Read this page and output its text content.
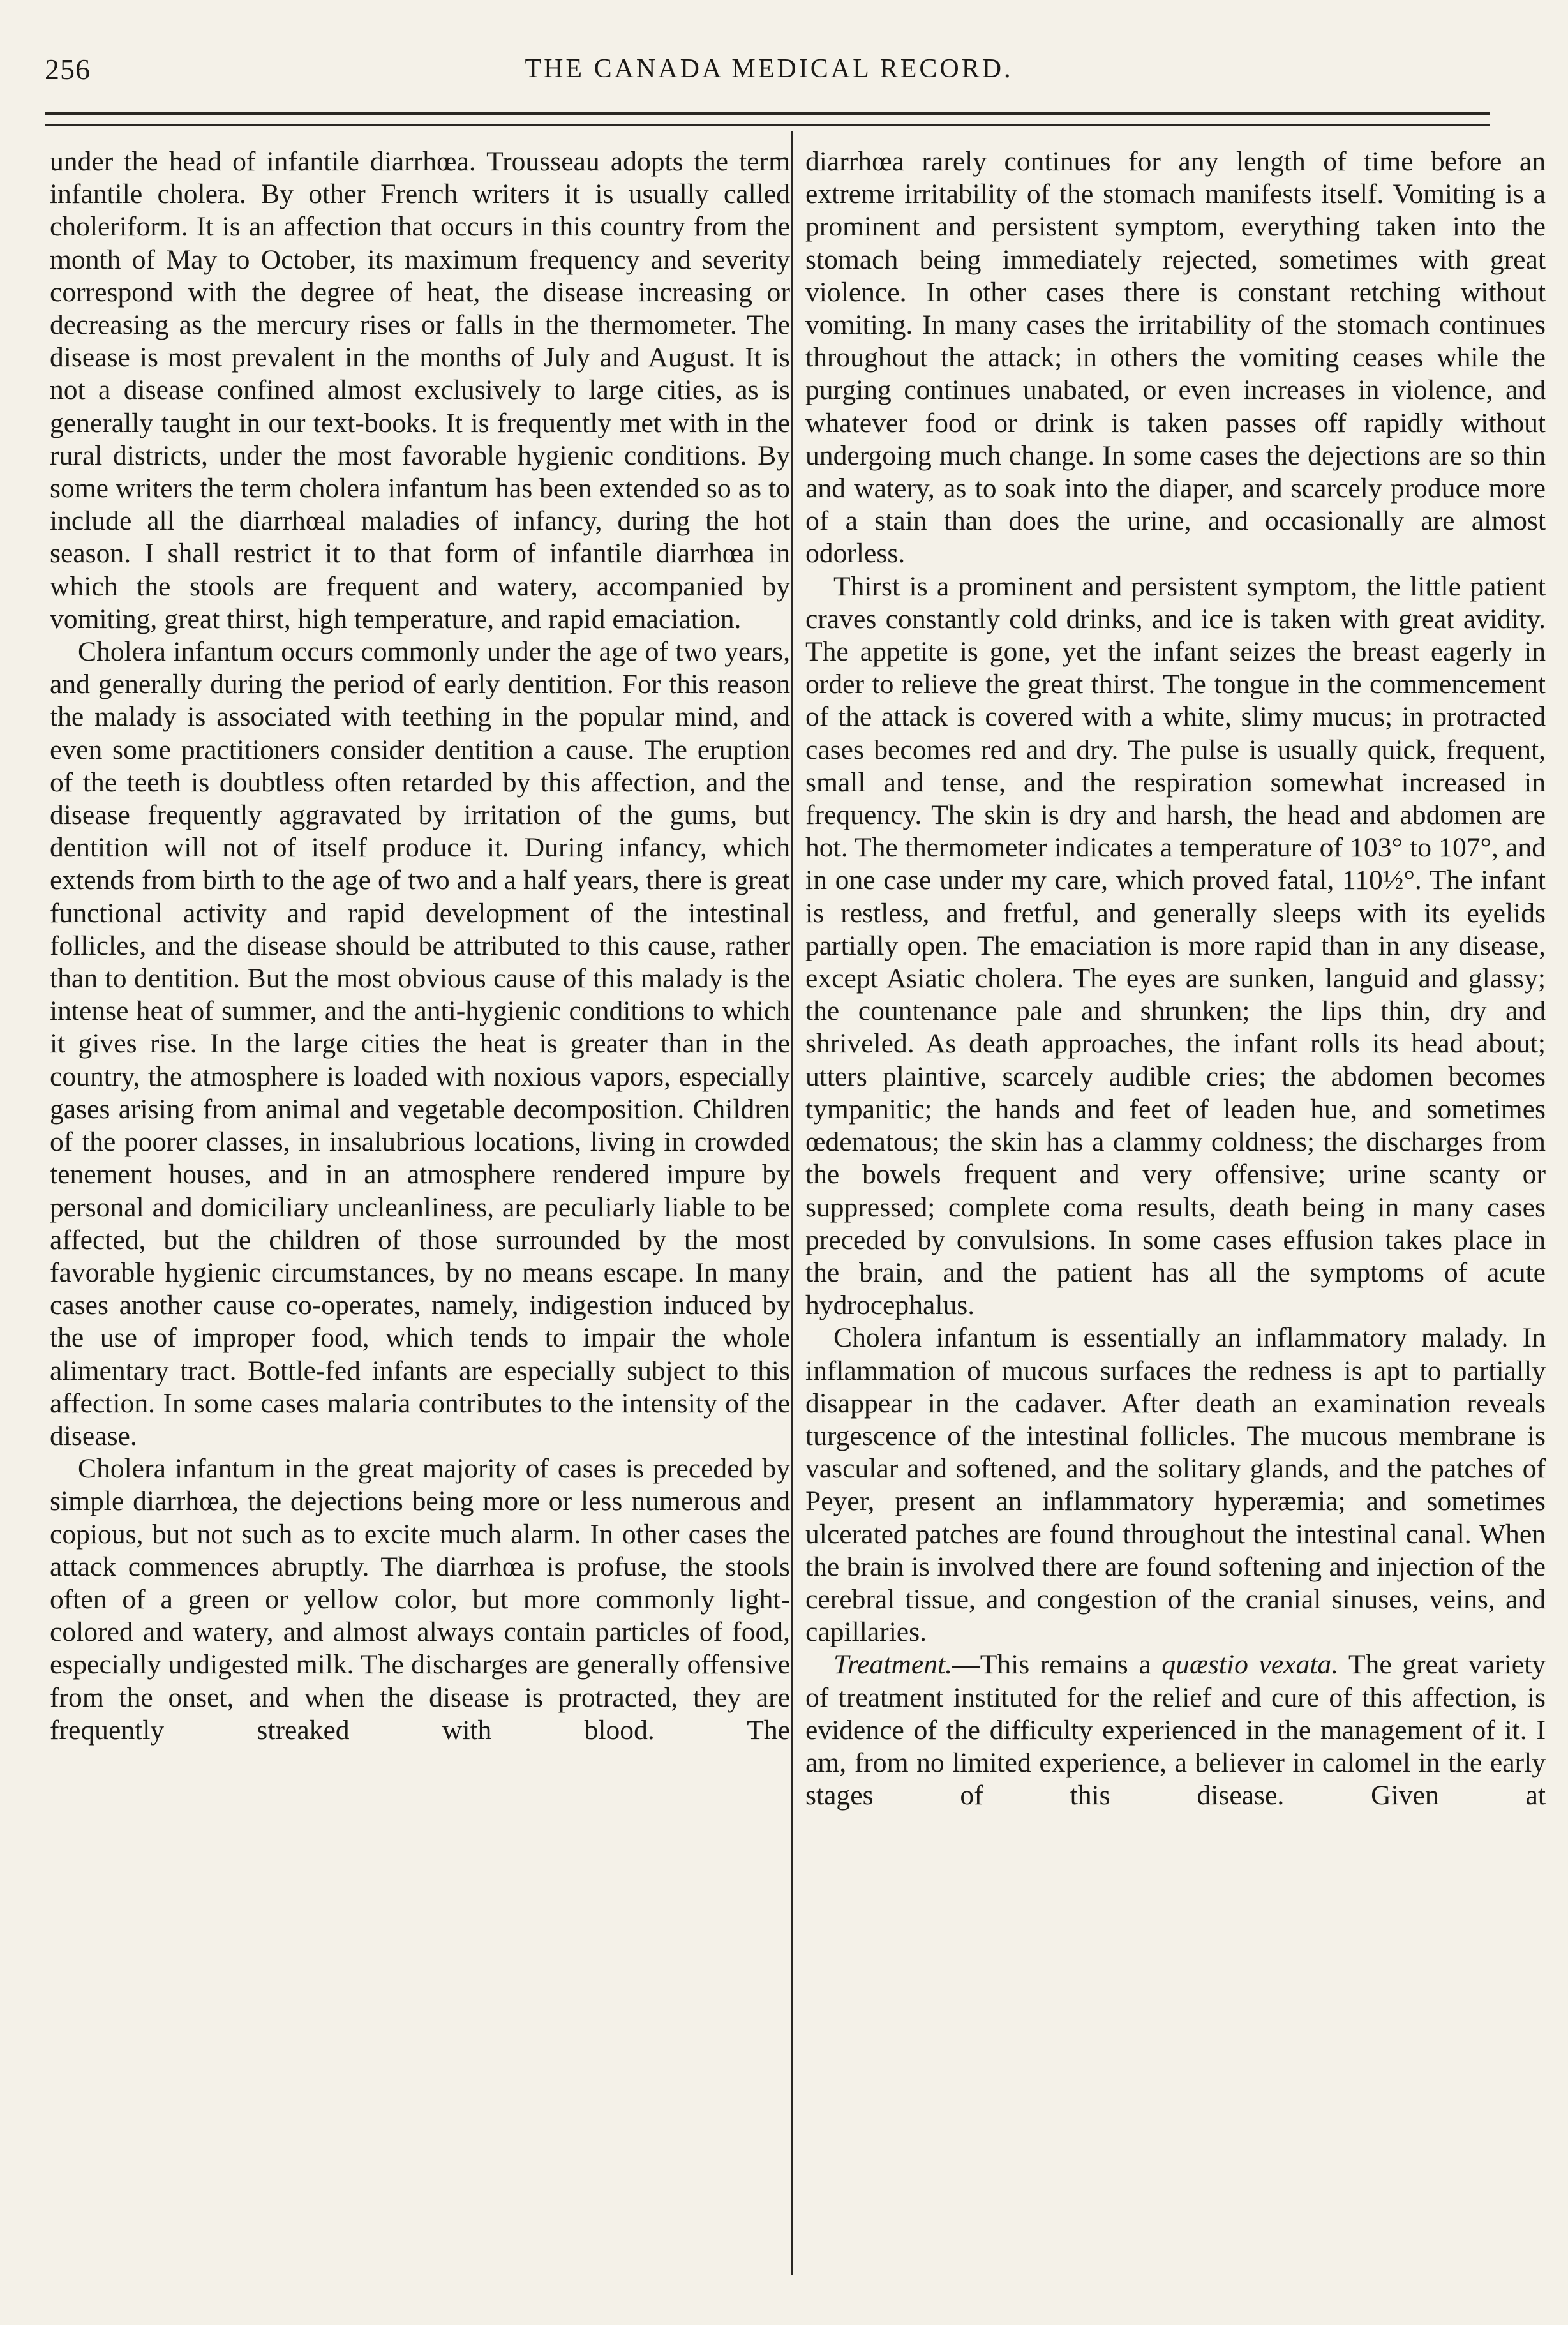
256	THE CANADA MEDICAL RECORD.

under the head of infantile diarrhœa. Trousseau adopts the term infantile cholera. By other French writers it is usually called choleriform. It is an affection that occurs in this country from the month of May to October, its maximum frequency and severity correspond with the degree of heat, the disease increasing or decreasing as the mercury rises or falls in the thermometer. The disease is most prevalent in the months of July and August. It is not a disease confined almost exclusively to large cities, as is generally taught in our text-books. It is frequently met with in the rural districts, under the most favorable hygienic conditions. By some writers the term cholera infantum has been extended so as to include all the diarrhœal maladies of infancy, during the hot season. I shall restrict it to that form of infantile diarrhœa in which the stools are frequent and watery, accompanied by vomiting, great thirst, high temperature, and rapid emaciation.

Cholera infantum occurs commonly under the age of two years, and generally during the period of early dentition. For this reason the malady is associated with teething in the popular mind, and even some practitioners consider dentition a cause. The eruption of the teeth is doubtless often retarded by this affection, and the disease frequently aggravated by irritation of the gums, but dentition will not of itself produce it. During infancy, which extends from birth to the age of two and a half years, there is great functional activity and rapid development of the intestinal follicles, and the disease should be attributed to this cause, rather than to dentition. But the most obvious cause of this malady is the intense heat of summer, and the anti-hygienic conditions to which it gives rise. In the large cities the heat is greater than in the country, the atmosphere is loaded with noxious vapors, especially gases arising from animal and vegetable decomposition. Children of the poorer classes, in insalubrious locations, living in crowded tenement houses, and in an atmosphere rendered impure by personal and domiciliary uncleanliness, are peculiarly liable to be affected, but the children of those surrounded by the most favorable hygienic circumstances, by no means escape. In many cases another cause co-operates, namely, indigestion induced by the use of improper food, which tends to impair the whole alimentary tract. Bottle-fed infants are especially subject to this affection. In some cases malaria contributes to the intensity of the disease.

Cholera infantum in the great majority of cases is preceded by simple diarrhœa, the dejections being more or less numerous and copious, but not such as to excite much alarm. In other cases the attack commences abruptly. The diarrhœa is profuse, the stools often of a green or yellow color, but more commonly light-colored and watery, and almost always contain particles of food, especially undigested milk. The discharges are generally offensive from the onset, and when the disease is protracted, they are frequently streaked with blood. The

diarrhœa rarely continues for any length of time before an extreme irritability of the stomach manifests itself. Vomiting is a prominent and persistent symptom, everything taken into the stomach being immediately rejected, sometimes with great violence. In other cases there is constant retching without vomiting. In many cases the irritability of the stomach continues throughout the attack; in others the vomiting ceases while the purging continues unabated, or even increases in violence, and whatever food or drink is taken passes off rapidly without undergoing much change. In some cases the dejections are so thin and watery, as to soak into the diaper, and scarcely produce more of a stain than does the urine, and occasionally are almost odorless.

Thirst is a prominent and persistent symptom, the little patient craves constantly cold drinks, and ice is taken with great avidity. The appetite is gone, yet the infant seizes the breast eagerly in order to relieve the great thirst. The tongue in the commencement of the attack is covered with a white, slimy mucus; in protracted cases becomes red and dry. The pulse is usually quick, frequent, small and tense, and the respiration somewhat increased in frequency. The skin is dry and harsh, the head and abdomen are hot. The thermometer indicates a temperature of 103° to 107°, and in one case under my care, which proved fatal, 110½°. The infant is restless, and fretful, and generally sleeps with its eyelids partially open. The emaciation is more rapid than in any disease, except Asiatic cholera. The eyes are sunken, languid and glassy; the countenance pale and shrunken; the lips thin, dry and shriveled. As death approaches, the infant rolls its head about; utters plaintive, scarcely audible cries; the abdomen becomes tympanitic; the hands and feet of leaden hue, and sometimes œdematous; the skin has a clammy coldness; the discharges from the bowels frequent and very offensive; urine scanty or suppressed; complete coma results, death being in many cases preceded by convulsions. In some cases effusion takes place in the brain, and the patient has all the symptoms of acute hydrocephalus.

Cholera infantum is essentially an inflammatory malady. In inflammation of mucous surfaces the redness is apt to partially disappear in the cadaver. After death an examination reveals turgescence of the intestinal follicles. The mucous membrane is vascular and softened, and the solitary glands, and the patches of Peyer, present an inflammatory hyperæmia; and sometimes ulcerated patches are found throughout the intestinal canal. When the brain is involved there are found softening and injection of the cerebral tissue, and congestion of the cranial sinuses, veins, and capillaries.

Treatment.—This remains a quæstio vexata. The great variety of treatment instituted for the relief and cure of this affection, is evidence of the difficulty experienced in the management of it. I am, from no limited experience, a believer in calomel in the early stages of this disease. Given at
